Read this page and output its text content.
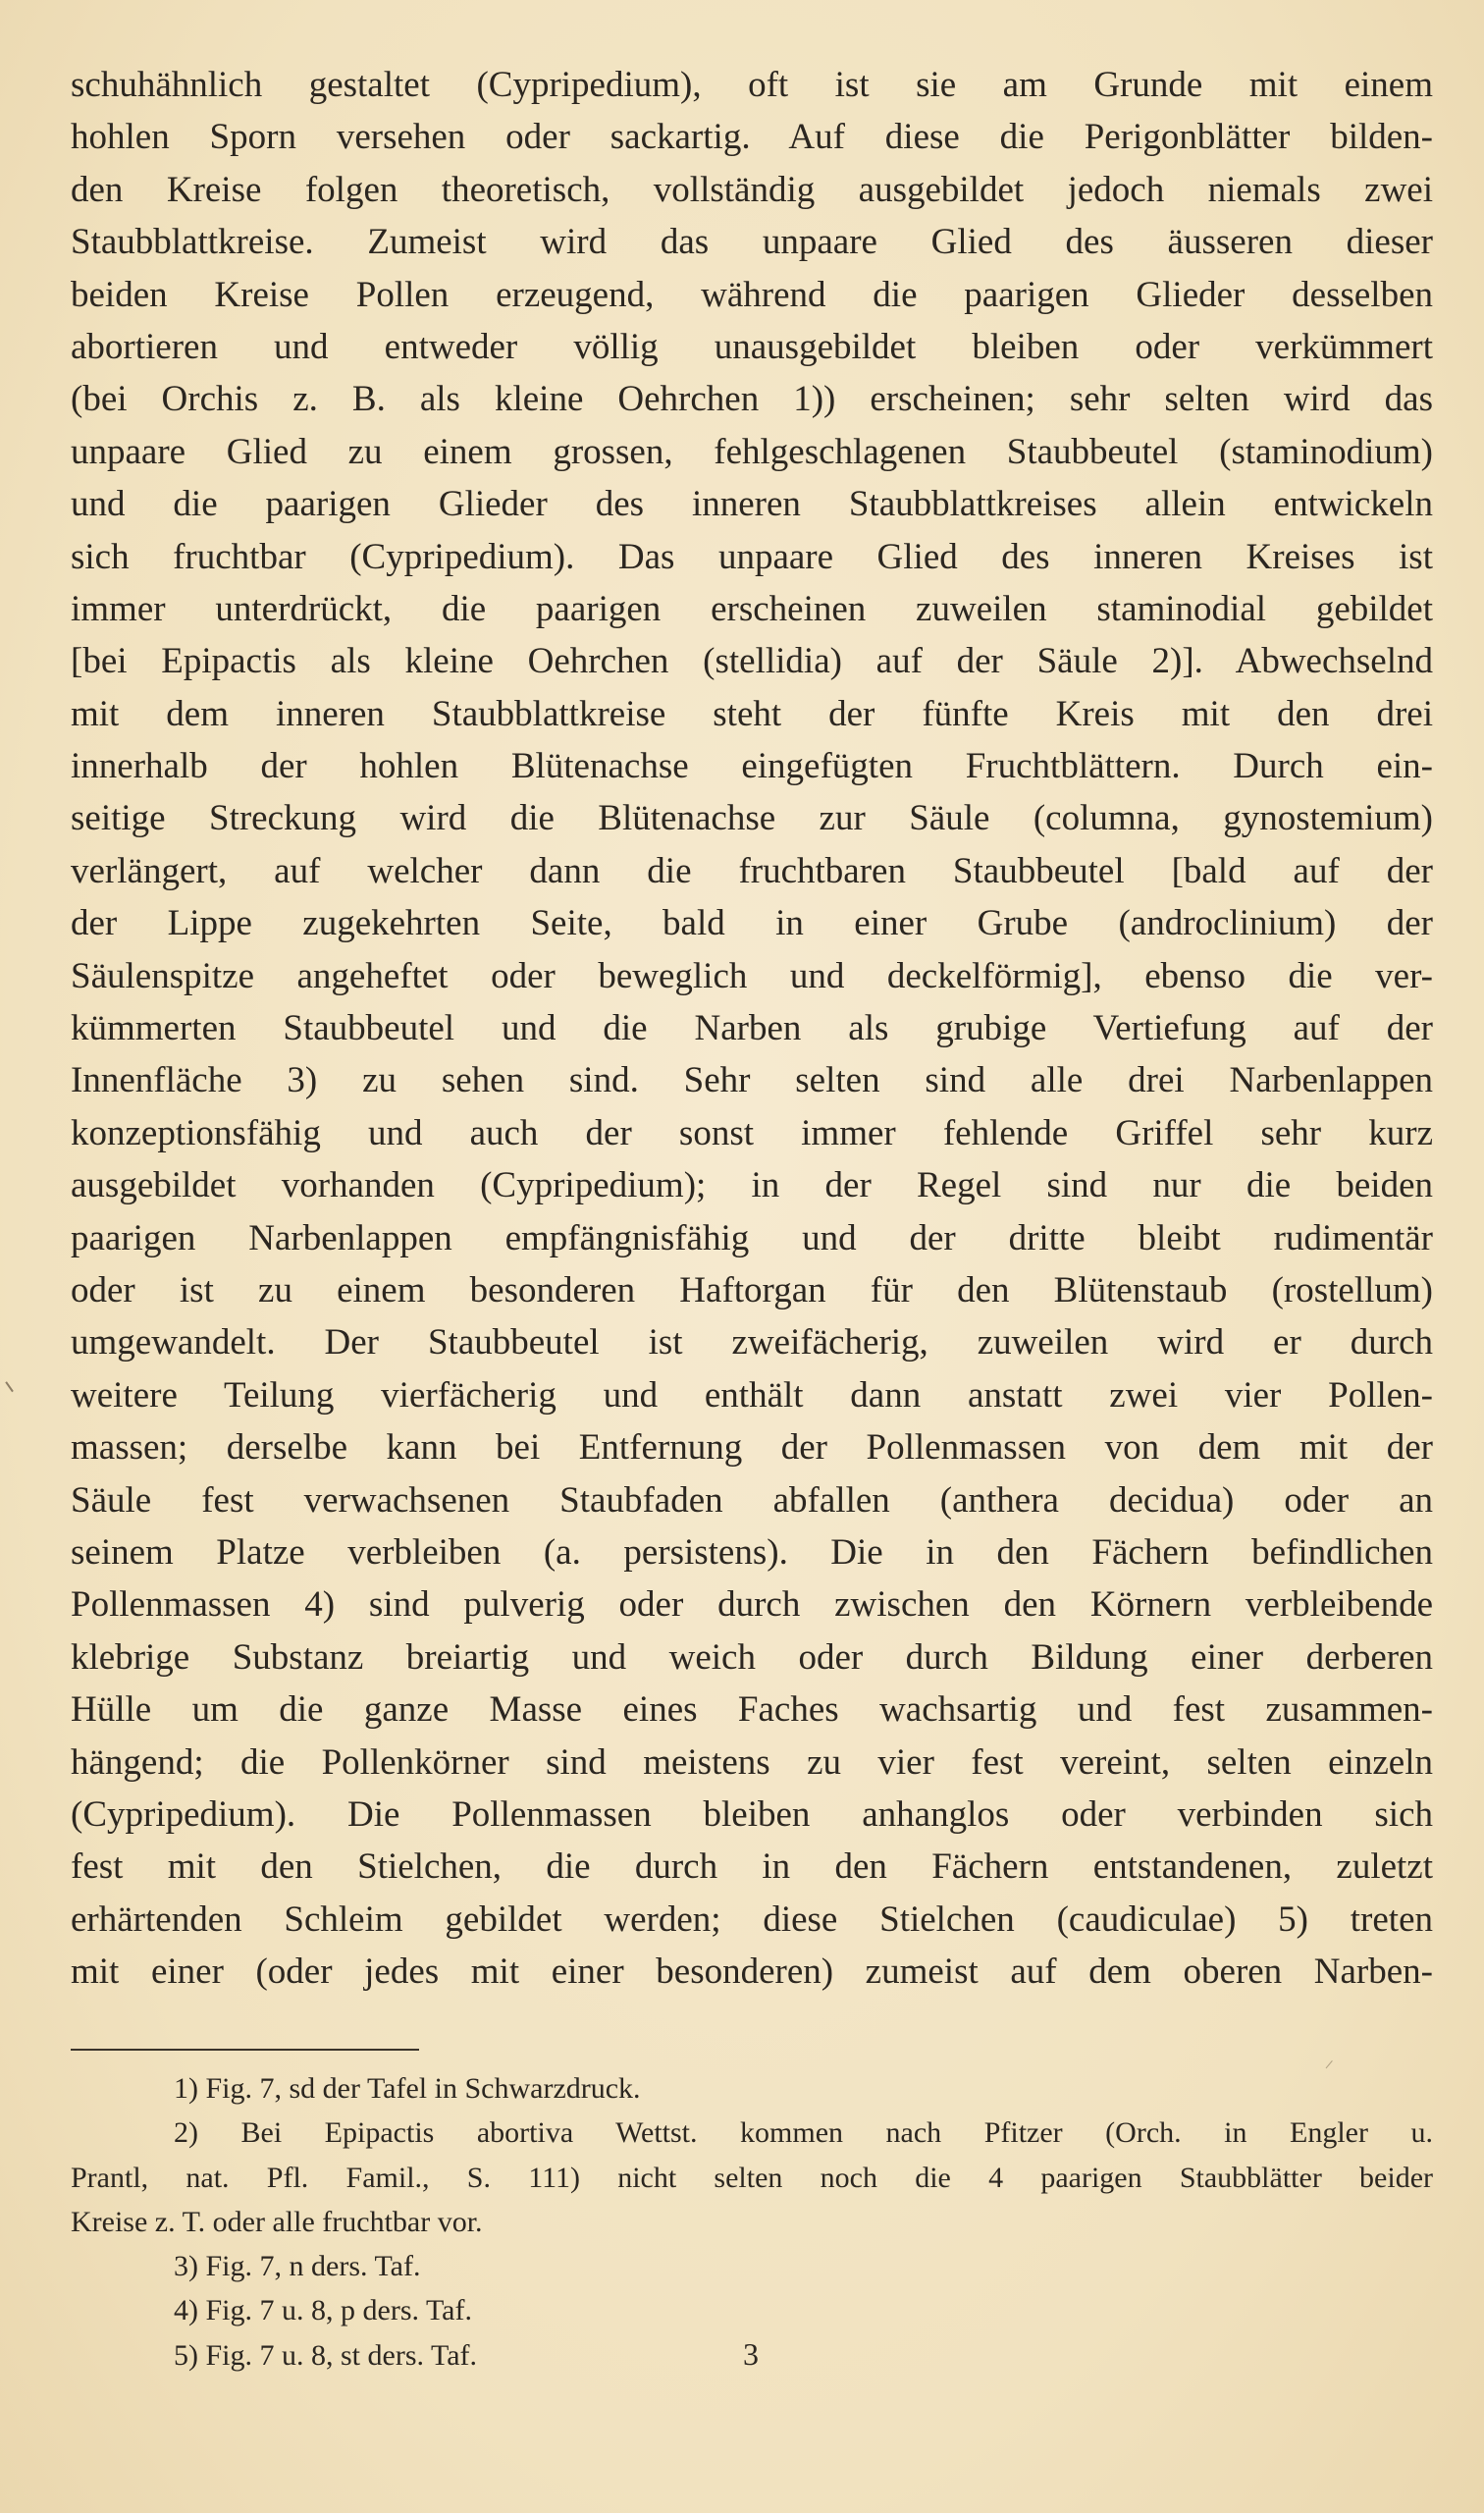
schuhähnlich gestaltet (Cypripedium), oft ist sie am Grunde mit einem
hohlen Sporn versehen oder sackartig. Auf diese die Perigonblätter bilden-
den Kreise folgen theoretisch, vollständig ausgebildet jedoch niemals zwei
Staubblattkreise. Zumeist wird das unpaare Glied des äusseren dieser
beiden Kreise Pollen erzeugend, während die paarigen Glieder desselben
abortieren und entweder völlig unausgebildet bleiben oder verkümmert
(bei Orchis z. B. als kleine Oehrchen 1)) erscheinen; sehr selten wird das
unpaare Glied zu einem grossen, fehlgeschlagenen Staubbeutel (staminodium)
und die paarigen Glieder des inneren Staubblattkreises allein entwickeln
sich fruchtbar (Cypripedium). Das unpaare Glied des inneren Kreises ist
immer unterdrückt, die paarigen erscheinen zuweilen staminodial gebildet
[bei Epipactis als kleine Oehrchen (stellidia) auf der Säule 2)]. Abwechselnd
mit dem inneren Staubblattkreise steht der fünfte Kreis mit den drei
innerhalb der hohlen Blütenachse eingefügten Fruchtblättern. Durch ein-
seitige Streckung wird die Blütenachse zur Säule (columna, gynostemium)
verlängert, auf welcher dann die fruchtbaren Staubbeutel [bald auf der
der Lippe zugekehrten Seite, bald in einer Grube (androclinium) der
Säulenspitze angeheftet oder beweglich und deckelförmig], ebenso die ver-
kümmerten Staubbeutel und die Narben als grubige Vertiefung auf der
Innenfläche 3) zu sehen sind. Sehr selten sind alle drei Narbenlappen
konzeptionsfähig und auch der sonst immer fehlende Griffel sehr kurz
ausgebildet vorhanden (Cypripedium); in der Regel sind nur die beiden
paarigen Narbenlappen empfängnisfähig und der dritte bleibt rudimentär
oder ist zu einem besonderen Haftorgan für den Blütenstaub (rostellum)
umgewandelt. Der Staubbeutel ist zweifächerig, zuweilen wird er durch
weitere Teilung vierfächerig und enthält dann anstatt zwei vier Pollen-
massen; derselbe kann bei Entfernung der Pollenmassen von dem mit der
Säule fest verwachsenen Staubfaden abfallen (anthera decidua) oder an
seinem Platze verbleiben (a. persistens). Die in den Fächern befindlichen
Pollenmassen 4) sind pulverig oder durch zwischen den Körnern verbleibende
klebrige Substanz breiartig und weich oder durch Bildung einer derberen
Hülle um die ganze Masse eines Faches wachsartig und fest zusammen-
hängend; die Pollenkörner sind meistens zu vier fest vereint, selten einzeln
(Cypripedium). Die Pollenmassen bleiben anhanglos oder verbinden sich
fest mit den Stielchen, die durch in den Fächern entstandenen, zuletzt
erhärtenden Schleim gebildet werden; diese Stielchen (caudiculae) 5) treten
mit einer (oder jedes mit einer besonderen) zumeist auf dem oberen Narben-
1) Fig. 7, sd der Tafel in Schwarzdruck.
2) Bei Epipactis abortiva Wettst. kommen nach Pfitzer (Orch. in Engler u.
Prantl, nat. Pfl. Famil., S. 111) nicht selten noch die 4 paarigen Staubblätter beider
Kreise z. T. oder alle fruchtbar vor.
3) Fig. 7, n ders. Taf.
4) Fig. 7 u. 8, p ders. Taf.
5) Fig. 7 u. 8, st ders. Taf.	3
